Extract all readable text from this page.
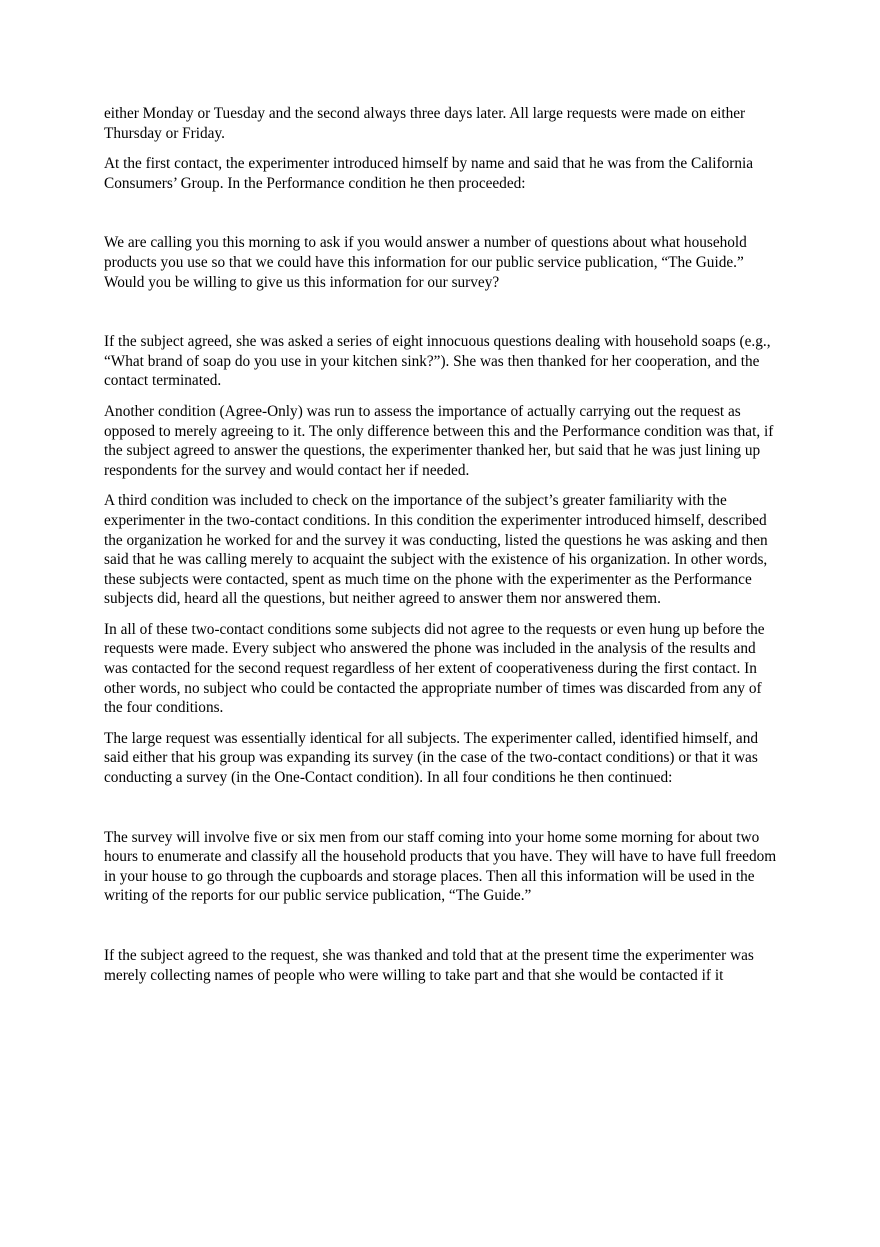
either Monday or Tuesday and the second always three days later. All large requests were made on either Thursday or Friday.

At the first contact, the experimenter introduced himself by name and said that he was from the California Consumers’ Group. In the Performance condition he then proceeded:

We are calling you this morning to ask if you would answer a number of questions about what household products you use so that we could have this information for our public service publication, “The Guide.” Would you be willing to give us this information for our survey?

If the subject agreed, she was asked a series of eight innocuous questions dealing with household soaps (e.g., “What brand of soap do you use in your kitchen sink?”). She was then thanked for her cooperation, and the contact terminated.

Another condition (Agree-Only) was run to assess the importance of actually carrying out the request as opposed to merely agreeing to it. The only difference between this and the Performance condition was that, if the subject agreed to answer the questions, the experimenter thanked her, but said that he was just lining up respondents for the survey and would contact her if needed.

A third condition was included to check on the importance of the subject’s greater familiarity with the experimenter in the two-contact conditions. In this condition the experimenter introduced himself, described the organization he worked for and the survey it was conducting, listed the questions he was asking and then said that he was calling merely to acquaint the subject with the existence of his organization. In other words, these subjects were contacted, spent as much time on the phone with the experimenter as the Performance subjects did, heard all the questions, but neither agreed to answer them nor answered them.

In all of these two-contact conditions some subjects did not agree to the requests or even hung up before the requests were made. Every subject who answered the phone was included in the analysis of the results and was contacted for the second request regardless of her extent of cooperativeness during the first contact. In other words, no subject who could be contacted the appropriate number of times was discarded from any of the four conditions.

The large request was essentially identical for all subjects. The experimenter called, identified himself, and said either that his group was expanding its survey (in the case of the two-contact conditions) or that it was conducting a survey (in the One-Contact condition). In all four conditions he then continued:

The survey will involve five or six men from our staff coming into your home some morning for about two hours to enumerate and classify all the household products that you have. They will have to have full freedom in your house to go through the cupboards and storage places. Then all this information will be used in the writing of the reports for our public service publication, “The Guide.”

If the subject agreed to the request, she was thanked and told that at the present time the experimenter was merely collecting names of people who were willing to take part and that she would be contacted if it
